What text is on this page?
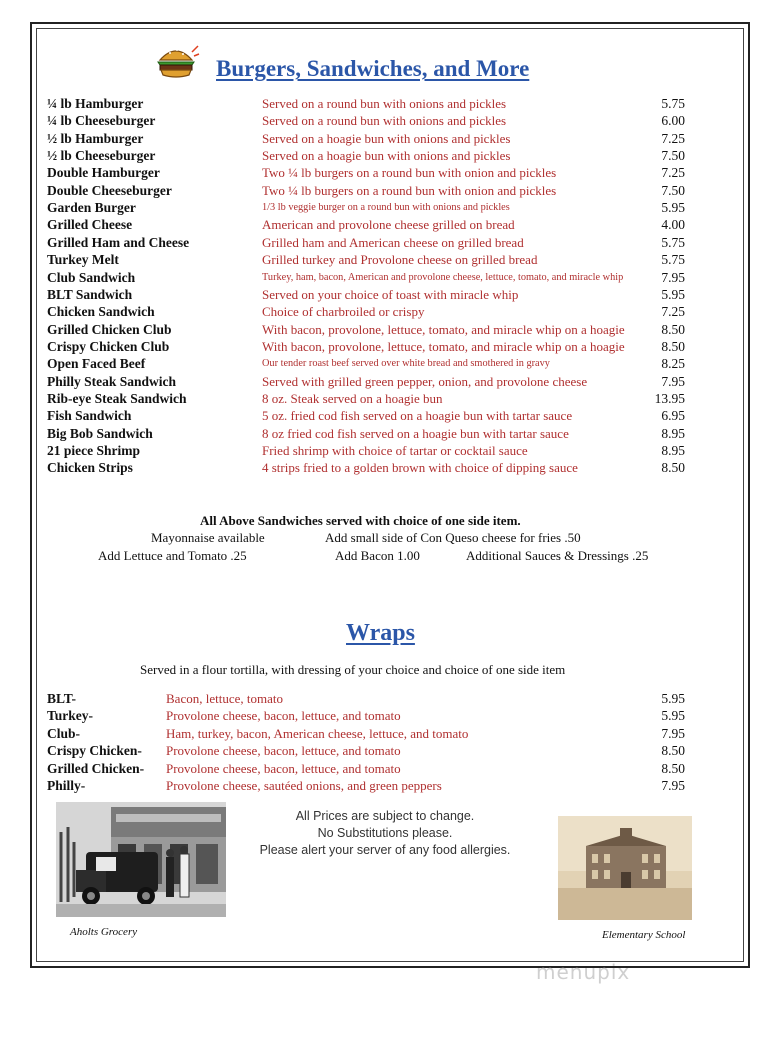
Burgers, Sandwiches, and More
¼ lb Hamburger	Served on a round bun with onions and pickles	5.75
¼ lb Cheeseburger	Served on a round bun with onions and pickles	6.00
½ lb Hamburger	Served on a hoagie bun with onions and pickles	7.25
½ lb Cheeseburger	Served on a hoagie bun with onions and pickles	7.50
Double Hamburger	Two ¼ lb burgers on a round bun with onion and pickles	7.25
Double Cheeseburger	Two ¼ lb burgers on a round bun with onion and pickles	7.50
Garden Burger	1/3 lb veggie burger on a round bun with onions and pickles	5.95
Grilled Cheese	American and provolone cheese grilled on bread	4.00
Grilled Ham and Cheese	Grilled ham and American cheese on grilled bread	5.75
Turkey Melt	Grilled turkey and Provolone cheese on grilled bread	5.75
Club Sandwich	Turkey, ham, bacon, American and provolone cheese, lettuce, tomato, and miracle whip	7.95
BLT Sandwich	Served on your choice of toast with miracle whip	5.95
Chicken Sandwich	Choice of charbroiled or crispy	7.25
Grilled Chicken Club	With bacon, provolone, lettuce, tomato, and miracle whip on a hoagie	8.50
Crispy Chicken Club	With bacon, provolone, lettuce, tomato, and miracle whip on a hoagie	8.50
Open Faced Beef	Our tender roast beef served over white bread and smothered in gravy	8.25
Philly Steak Sandwich	Served with grilled green pepper, onion, and provolone cheese	7.95
Rib-eye Steak Sandwich	8 oz. Steak served on a hoagie bun	13.95
Fish Sandwich	5 oz. fried cod fish served on a hoagie bun with tartar sauce	6.95
Big Bob Sandwich	8 oz fried cod fish served on a hoagie bun with tartar sauce	8.95
21 piece Shrimp	Fried shrimp with choice of tartar or cocktail sauce	8.95
Chicken Strips	4 strips fried to a golden brown with choice of dipping sauce	8.50
All Above Sandwiches served with choice of one side item.
Mayonnaise available	Add small side of Con Queso cheese for fries .50
Add Lettuce and Tomato .25	Add Bacon 1.00	Additional Sauces & Dressings .25
Wraps
Served in a flour tortilla, with dressing of your choice and choice of one side item
BLT-	Bacon, lettuce, tomato	5.95
Turkey-	Provolone cheese, bacon, lettuce, and tomato	5.95
Club-	Ham, turkey, bacon, American cheese, lettuce, and tomato	7.95
Crispy Chicken- Provolone cheese, bacon, lettuce, and tomato	8.50
Grilled Chicken- Provolone cheese, bacon, lettuce, and tomato	8.50
Philly-	Provolone cheese, sautéed onions, and green peppers	7.95
Aholts Grocery
All Prices are subject to change.
No Substitutions please.
Please alert your server of any food allergies.
Elementary School
menupix
